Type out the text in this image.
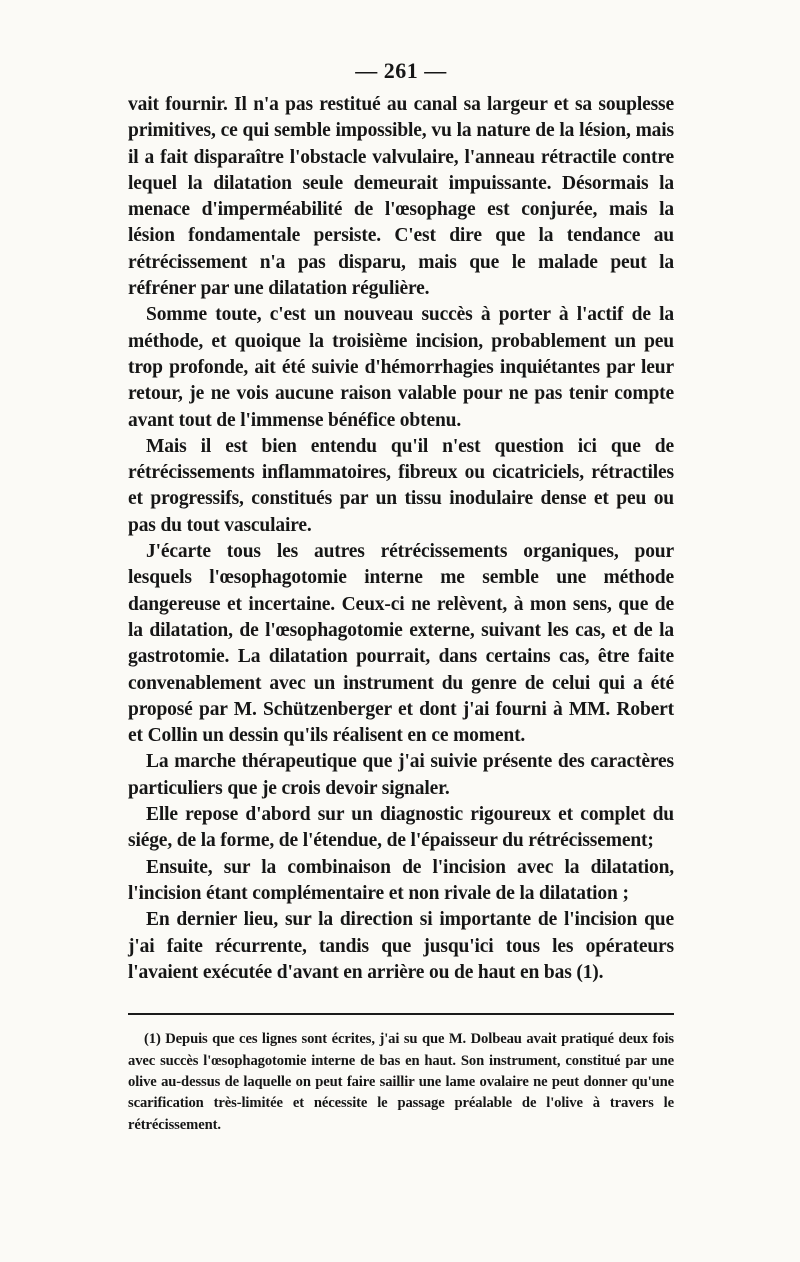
— 261 —

vait fournir. Il n'a pas restitué au canal sa largeur et sa souplesse primitives, ce qui semble impossible, vu la nature de la lésion, mais il a fait disparaître l'obstacle valvulaire, l'anneau rétractile contre lequel la dilatation seule demeurait impuissante. Désormais la menace d'imperméabilité de l'œsophage est conjurée, mais la lésion fondamentale persiste. C'est dire que la tendance au rétrécissement n'a pas disparu, mais que le malade peut la réfréner par une dilatation régulière.

Somme toute, c'est un nouveau succès à porter à l'actif de la méthode, et quoique la troisième incision, probablement un peu trop profonde, ait été suivie d'hémorrhagies inquiétantes par leur retour, je ne vois aucune raison valable pour ne pas tenir compte avant tout de l'immense bénéfice obtenu.

Mais il est bien entendu qu'il n'est question ici que de rétrécissements inflammatoires, fibreux ou cicatriciels, rétractiles et progressifs, constitués par un tissu inodulaire dense et peu ou pas du tout vasculaire.

J'écarte tous les autres rétrécissements organiques, pour lesquels l'œsophagotomie interne me semble une méthode dangereuse et incertaine. Ceux-ci ne relèvent, à mon sens, que de la dilatation, de l'œsophagotomie externe, suivant les cas, et de la gastrotomie. La dilatation pourrait, dans certains cas, être faite convenablement avec un instrument du genre de celui qui a été proposé par M. Schützenberger et dont j'ai fourni à MM. Robert et Collin un dessin qu'ils réalisent en ce moment.

La marche thérapeutique que j'ai suivie présente des caractères particuliers que je crois devoir signaler.

Elle repose d'abord sur un diagnostic rigoureux et complet du siége, de la forme, de l'étendue, de l'épaisseur du rétrécissement;

Ensuite, sur la combinaison de l'incision avec la dilatation, l'incision étant complémentaire et non rivale de la dilatation ;

En dernier lieu, sur la direction si importante de l'incision que j'ai faite récurrente, tandis que jusqu'ici tous les opérateurs l'avaient exécutée d'avant en arrière ou de haut en bas (1).

(1) Depuis que ces lignes sont écrites, j'ai su que M. Dolbeau avait pratiqué deux fois avec succès l'œsophagotomie interne de bas en haut. Son instrument, constitué par une olive au-dessus de laquelle on peut faire saillir une lame ovalaire ne peut donner qu'une scarification très-limitée et nécessite le passage préalable de l'olive à travers le rétrécissement.
